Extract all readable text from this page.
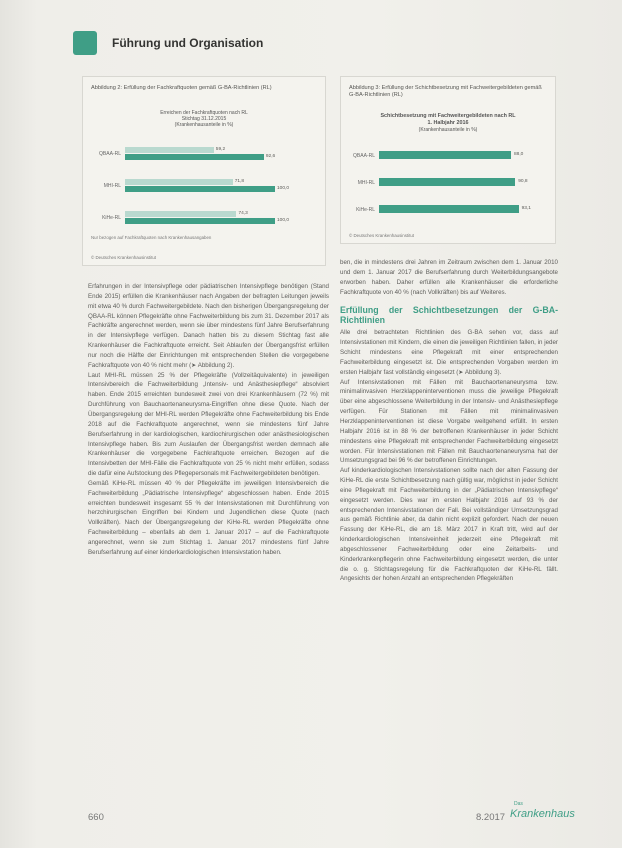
Führung und Organisation
Abbildung 2: Erfüllung der Fachkraftquoten gemäß G-BA-Richtlinien (RL)
Erreichen der Fachkraftquoten nach RL
Stichtag 31.12.2015
(Krankenhausanteile in %)
Nur bezogen auf Fachkraftquoten nach Krankenhausangaben
© Deutsches Krankenhausinstitut
QBAA-RL
59,2
92,6
MHI-RL
71,8
100,0
KiHe-RL
74,3
100,0
Abbildung 3: Erfüllung der Schichtbesetzung mit Fachweitergebildeten gemäß G-BA-Richtlinien (RL)
Schichtbesetzung mit Fachweitergebildeten nach RL
1. Halbjahr 2016
(Krankenhausanteile in %)
© Deutsches Krankenhausinstitut
QBAA-RL	88,0
MHI-RL	90,8
KiHe-RL	93,1

Erfahrungen in der Intensivpflege oder pädiatrischen Intensivpflege benötigen (Stand Ende 2015) erfüllen die Krankenhäuser nach Angaben der befragten Leitungen jeweils mit etwa 40 % durch Fachweitergebildete. Nach den bisherigen Übergangsregelung der QBAA-RL können Pflegekräfte ohne Fachweiterbildung bis zum 31. Dezember 2017 als Fachkräfte angerechnet werden, wenn sie über mindestens fünf Jahre Berufserfahrung in der Intensivpflege verfügen. Danach hatten bis zu diesem Stichtag fast alle Krankenhäuser die Fachkraftquote erreicht. Seit Ablaufen der Übergangsfrist erfüllen nur noch die Hälfte der Einrichtungen mit entsprechenden Stellen die vorgegebene Fachkraftquote von 40 % nicht mehr (➤ Abbildung 2).

Laut MHI-RL müssen 25 % der Pflegekräfte (Vollzeitäquivalente) in jeweiligen Intensivbereich die Fachweiterbildung „Intensiv- und Anästhesiepflege“ absolviert haben. Ende 2015 erreichten bundesweit zwei von drei Krankenhäusern (72 %) mit Durchführung von Bauchaortenaneurysma-Eingriffen ohne diese Quote. Nach der Übergangsregelung der MHI-RL werden Pflegekräfte ohne Fachweiterbildung bis Ende 2018 auf die Fachkraftquote angerechnet, wenn sie mindestens fünf Jahre Berufserfahrung in der kardiologischen, kardiochirurgischen oder anästhesiologischen Intensivpflege haben. Bis zum Auslaufen der Übergangsfrist werden demnach alle Krankenhäuser die vorgegebene Fachkraftquote erreichen. Bezogen auf die Intensivbetten der MHI-Fälle die Fachkraftquote von 25 % nicht mehr erfüllen, sodass die dafür eine Aufstockung des Pflegepersonals mit Fachweitergebildeten benötigen.

Gemäß KiHe-RL müssen 40 % der Pflegekräfte im jeweiligen Intensivbereich die Fachweiterbildung „Pädiatrische Intensivpflege“ abgeschlossen haben. Ende 2015 erreichten bundesweit insgesamt 55 % der Intensivstationen mit Durchführung von herzchirurgischen Eingriffen bei Kindern und Jugendlichen diese Quote (nach Vollkräften). Nach der Übergangsregelung der KiHe-RL werden Pflegekräfte ohne Fachweiterbildung – ebenfalls ab dem 1. Januar 2017 – auf die Fachkraftquote angerechnet, wenn sie zum Stichtag 1. Januar 2017 mindestens fünf Jahre Berufserfahrung auf einer kinderkardiologischen Intensivstation haben.

ben, die in mindestens drei Jahren im Zeitraum zwischen dem 1. Januar 2010 und dem 1. Januar 2017 die Berufserfahrung durch Weiterbildungsangebote erworben haben. Daher erfüllen alle Krankenhäuser die erforderliche Fachkraftquote von 40 % (nach Vollkräften) bis auf Weiteres.

Erfüllung der Schichtbesetzungen der G-BA-Richtlinien

Alle drei betrachteten Richtlinien des G-BA sehen vor, dass auf Intensivstationen mit Kindern, die einen die jeweiligen Richtlinien fallen, in jeder Schicht mindestens eine Pflegekraft mit einer entsprechenden Fachweiterbildung eingesetzt ist. Die entsprechenden Vorgaben werden im ersten Halbjahr fast vollständig eingesetzt (➤ Abbildung 3).

Auf Intensivstationen mit Fällen mit Bauchaortenaneurysma bzw. minimalinvasiven Herzklappeninterventionen muss die jeweilige Pflegekraft über eine abgeschlossene Weiterbildung in der Intensiv- und Anästhesiepflege verfügen. Für Stationen mit Fällen mit minimalinvasiven Herzklappeninterventionen ist diese Vorgabe weitgehend erfüllt. In ersten Halbjahr 2016 ist in 88 % der betroffenen Krankenhäuser in jeder Schicht mindestens eine Pflegekraft mit entsprechender Fachweiterbildung eingesetzt worden. Für Intensivstationen mit Fällen mit Bauchaortenaneurysma hat der Umsetzungsgrad bei 96 % der betroffenen Einrichtungen.

Auf kinderkardiologischen Intensivstationen sollte nach der alten Fassung der KiHe-RL die erste Schichtbesetzung nach gültig war, möglichst in jeder Schicht eine Pflegekraft mit Fachweiterbildung in der „Pädiatrischen Intensivpflege“ eingesetzt werden. Dies war im ersten Halbjahr 2016 auf 93 % der entsprechenden Intensivstationen der Fall. Bei vollständiger Umsetzungsgrad aus gemäß Richtlinie aber, da dahin nicht explizit gefordert. Nach der neuen Fassung der KiHe-RL, die am 18. März 2017 in Kraft tritt, wird auf der kinderkardiologischen Intensiveinheit jederzeit eine Pflegekraft mit abgeschlossener Fachweiterbildung oder eine Zeitarbeits- und Kinderkrankenpflegerin ohne Fachweiterbildung eingesetzt werden, die unter die o. g. Stichtagsregelung für die Fachkraftquoten der KiHe-RL fällt. Angesichts der hohen Anzahl an entsprechenden Pflegekräften

660	8.2017
Das
Krankenhaus
